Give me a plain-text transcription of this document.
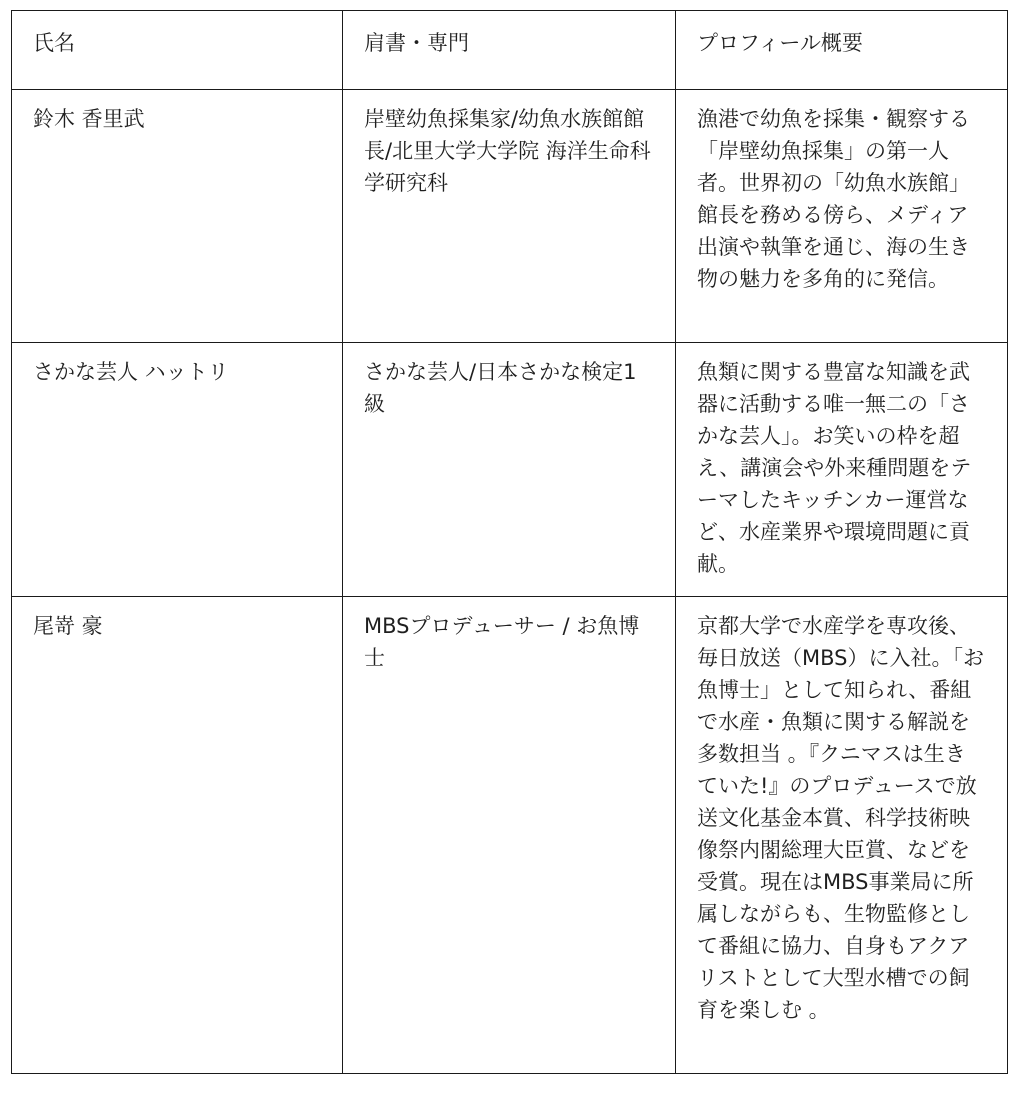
氏名	肩書・専門	プロフィール概要
鈴木 香里武	岸壁幼魚採集家/幼魚水族館館長/北里大学大学院 海洋生命科学研究科	漁港で幼魚を採集・観察する「岸壁幼魚採集」の第一人者。世界初の「幼魚水族館」館長を務める傍ら、メディア出演や執筆を通じ、海の生き物の魅力を多角的に発信。
さかな芸人 ハットリ	さかな芸人/日本さかな検定1級	魚類に関する豊富な知識を武器に活動する唯一無二の「さかな芸人」。お笑いの枠を超え、講演会や外来種問題をテーマしたキッチンカー運営など、水産業界や環境問題に貢献。
尾嵜 豪	MBSプロデューサー / お魚博士	京都大学で水産学を専攻後、毎日放送（MBS）に入社。「お魚博士」として知られ、番組で水産・魚類に関する解説を多数担当 。『クニマスは生きていた!』のプロデュースで放送文化基金本賞、科学技術映像祭内閣総理大臣賞、などを受賞。現在はMBS事業局に所属しながらも、生物監修として番組に協力、自身もアクアリストとして大型水槽での飼育を楽しむ 。
